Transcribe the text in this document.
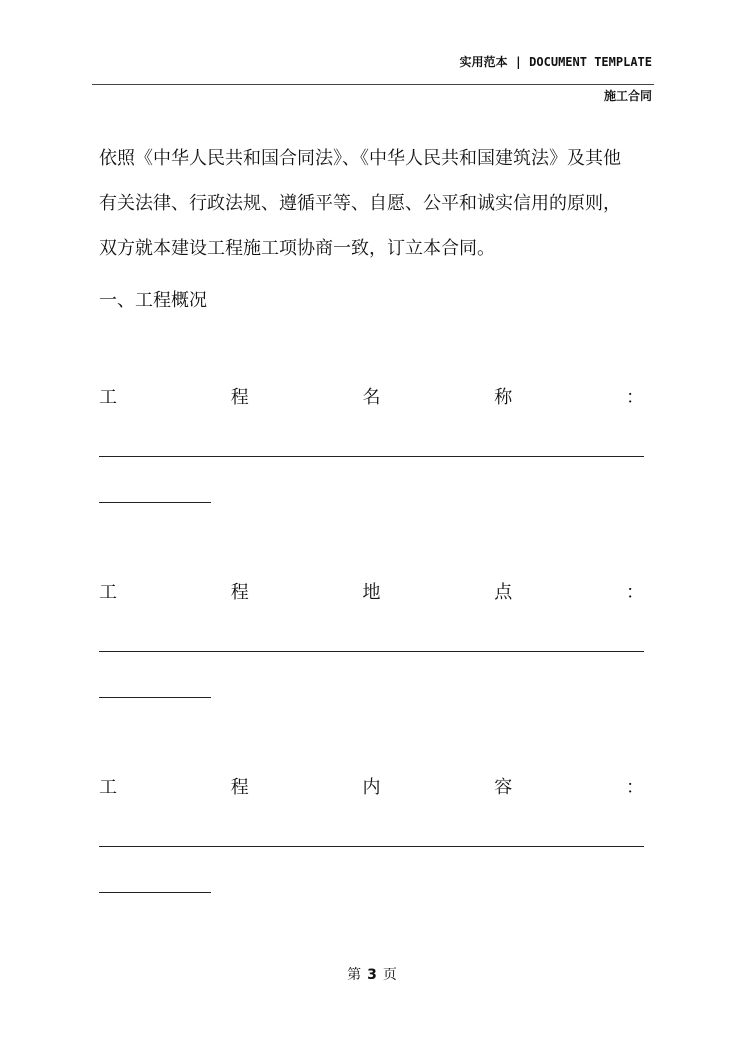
实用范本 | DOCUMENT TEMPLATE
施工合同

依照《中华人民共和国合同法》、《中华人民共和国建筑法》及其他

有关法律、行政法规、遵循平等、自愿、公平和诚实信用的原则，

双方就本建设工程施工项协商一致，订立本合同。

一、工程概况
工	程	名	称	：
工	程	地	点	：
工	程	内	容	：
第 3 页
